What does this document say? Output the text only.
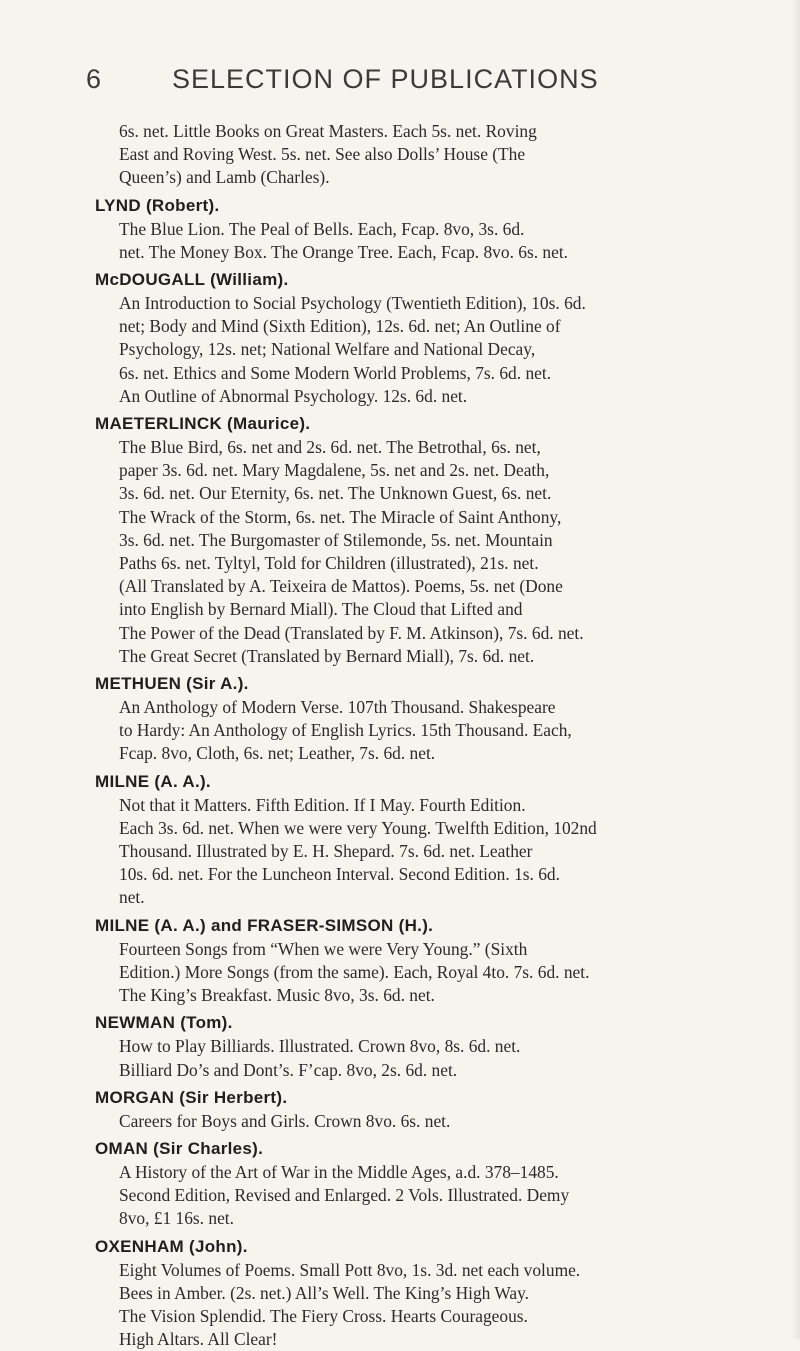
6	SELECTION OF PUBLICATIONS
6s. net. Little Books on Great Masters. Each 5s. net. Roving
East and Roving West. 5s. net. See also Dolls’ House (The
Queen’s) and Lamb (Charles).
LYND (Robert).
The Blue Lion. The Peal of Bells. Each, Fcap. 8vo, 3s. 6d.
net. The Money Box. The Orange Tree. Each, Fcap. 8vo. 6s. net.
McDOUGALL (William).
An Introduction to Social Psychology (Twentieth Edition), 10s. 6d.
net; Body and Mind (Sixth Edition), 12s. 6d. net; An Outline of
Psychology, 12s. net; National Welfare and National Decay,
6s. net. Ethics and Some Modern World Problems, 7s. 6d. net.
An Outline of Abnormal Psychology. 12s. 6d. net.
MAETERLINCK (Maurice).
The Blue Bird, 6s. net and 2s. 6d. net. The Betrothal, 6s. net,
paper 3s. 6d. net. Mary Magdalene, 5s. net and 2s. net. Death,
3s. 6d. net. Our Eternity, 6s. net. The Unknown Guest, 6s. net.
The Wrack of the Storm, 6s. net. The Miracle of Saint Anthony,
3s. 6d. net. The Burgomaster of Stilemonde, 5s. net. Mountain
Paths 6s. net. Tyltyl, Told for Children (illustrated), 21s. net.
(All Translated by A. Teixeira de Mattos). Poems, 5s. net (Done
into English by Bernard Miall). The Cloud that Lifted and
The Power of the Dead (Translated by F. M. Atkinson), 7s. 6d. net.
The Great Secret (Translated by Bernard Miall), 7s. 6d. net.
METHUEN (Sir A.).
An Anthology of Modern Verse. 107th Thousand. Shakespeare
to Hardy: An Anthology of English Lyrics. 15th Thousand. Each,
Fcap. 8vo, Cloth, 6s. net; Leather, 7s. 6d. net.
MILNE (A. A.).
Not that it Matters. Fifth Edition. If I May. Fourth Edition.
Each 3s. 6d. net. When we were very Young. Twelfth Edition, 102nd
Thousand. Illustrated by E. H. Shepard. 7s. 6d. net. Leather
10s. 6d. net. For the Luncheon Interval. Second Edition. 1s. 6d.
net.
MILNE (A. A.) and FRASER-SIMSON (H.).
Fourteen Songs from “When we were Very Young.” (Sixth
Edition.) More Songs (from the same). Each, Royal 4to. 7s. 6d. net.
The King’s Breakfast. Music 8vo, 3s. 6d. net.
NEWMAN (Tom).
How to Play Billiards. Illustrated. Crown 8vo, 8s. 6d. net.
Billiard Do’s and Dont’s. F’cap. 8vo, 2s. 6d. net.
MORGAN (Sir Herbert).
Careers for Boys and Girls. Crown 8vo. 6s. net.
OMAN (Sir Charles).
A History of the Art of War in the Middle Ages, a.d. 378–1485.
Second Edition, Revised and Enlarged. 2 Vols. Illustrated. Demy
8vo, £1 16s. net.
OXENHAM (John).
Eight Volumes of Poems. Small Pott 8vo, 1s. 3d. net each volume.
Bees in Amber. (2s. net.) All’s Well. The King’s High Way.
The Vision Splendid. The Fiery Cross. Hearts Courageous.
High Altars. All Clear!
